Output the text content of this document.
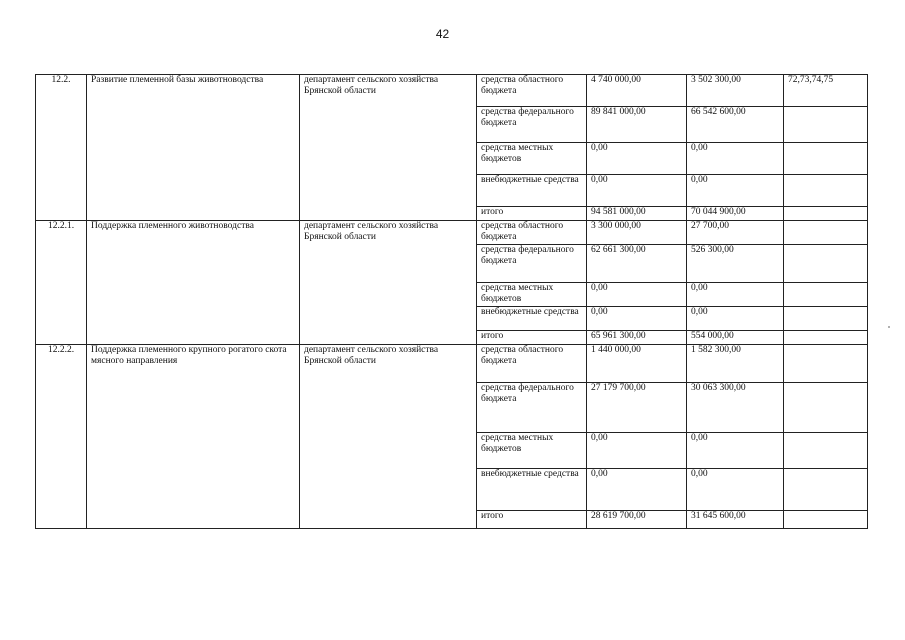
42
12.2.	Развитие племенной базы животноводства	департамент сельского хозяйства Брянской области	средства областного бюджета	4 740 000,00	3 502 300,00	72,73,74,75
			средства федерального бюджета	89 841 000,00	66 542 600,00	
			средства местных бюджетов	0,00	0,00	
			внебюджетные средства	0,00	0,00	
			итого	94 581 000,00	70 044 900,00	
12.2.1.	Поддержка племенного животноводства	департамент сельского хозяйства Брянской области	средства областного бюджета	3 300 000,00	27 700,00	
			средства федерального бюджета	62 661 300,00	526 300,00	
			средства местных бюджетов	0,00	0,00	
			внебюджетные средства	0,00	0,00	
			итого	65 961 300,00	554 000,00	
12.2.2.	Поддержка племенного крупного рогатого скота мясного направления	департамент сельского хозяйства Брянской области	средства областного бюджета	1 440 000,00	1 582 300,00	
			средства федерального бюджета	27 179 700,00	30 063 300,00	
			средства местных бюджетов	0,00	0,00	
			внебюджетные средства	0,00	0,00	
			итого	28 619 700,00	31 645 600,00	
